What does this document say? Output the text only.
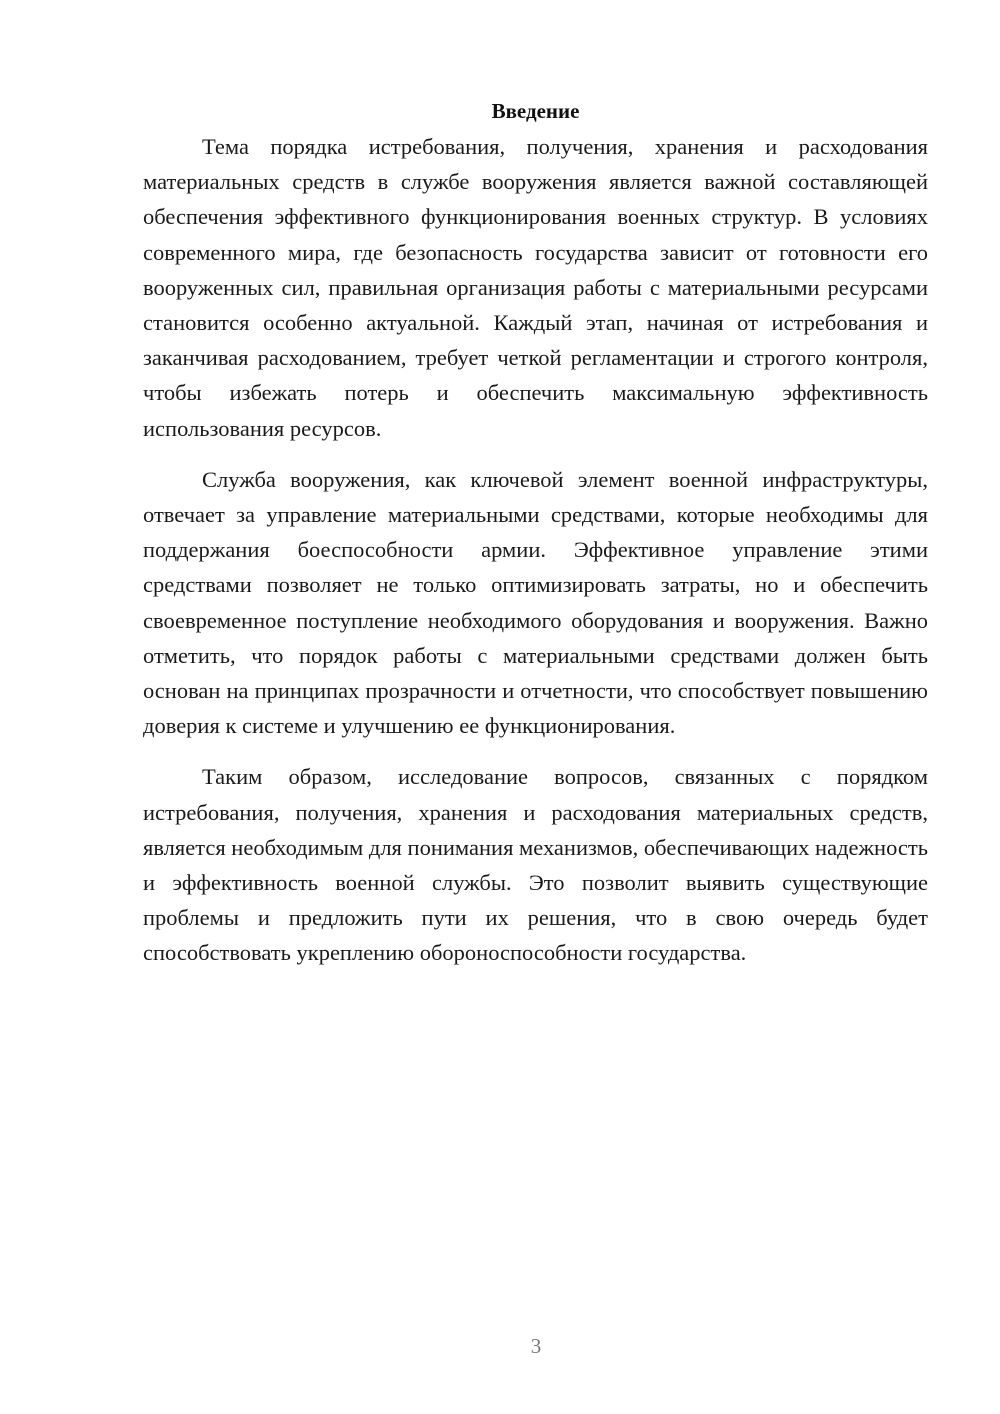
Введение

Тема порядка истребования, получения, хранения и расходования материальных средств в службе вооружения является важной составляющей обеспечения эффективного функционирования военных структур. В условиях современного мира, где безопасность государства зависит от готовности его вооруженных сил, правильная организация работы с материальными ресурсами становится особенно актуальной. Каждый этап, начиная от истребования и заканчивая расходованием, требует четкой регламентации и строгого контроля, чтобы избежать потерь и обеспечить максимальную эффективность использования ресурсов.

Служба вооружения, как ключевой элемент военной инфраструктуры, отвечает за управление материальными средствами, которые необходимы для поддержания боеспособности армии. Эффективное управление этими средствами позволяет не только оптимизировать затраты, но и обеспечить своевременное поступление необходимого оборудования и вооружения. Важно отметить, что порядок работы с материальными средствами должен быть основан на принципах прозрачности и отчетности, что способствует повышению доверия к системе и улучшению ее функционирования.

Таким образом, исследование вопросов, связанных с порядком истребования, получения, хранения и расходования материальных средств, является необходимым для понимания механизмов, обеспечивающих надежность и эффективность военной службы. Это позволит выявить существующие проблемы и предложить пути их решения, что в свою очередь будет способствовать укреплению обороноспособности государства.

3
